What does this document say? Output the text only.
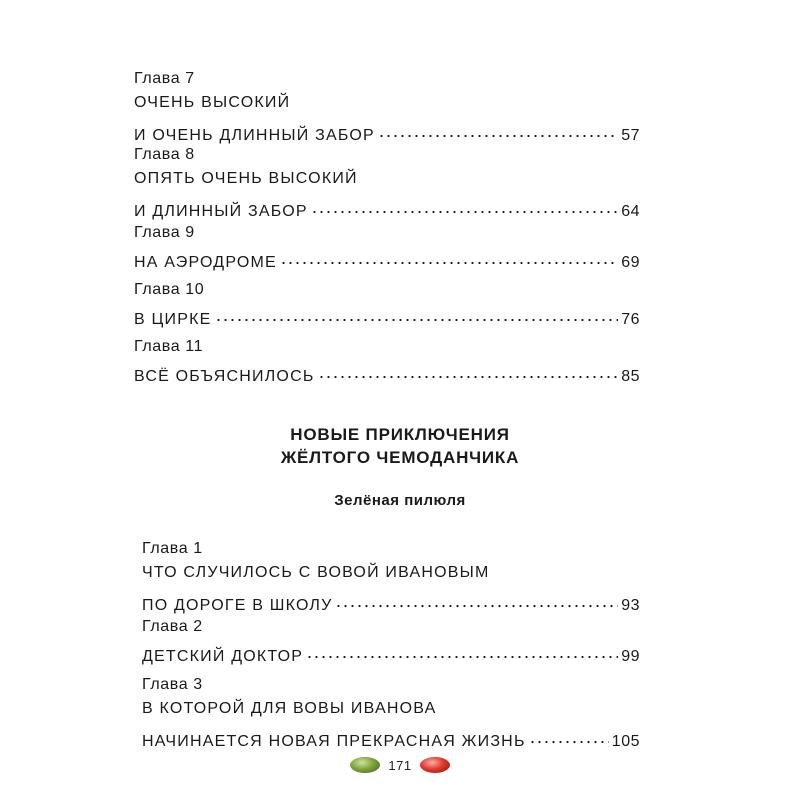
Глава 7
ОЧЕНЬ ВЫСОКИЙ
И ОЧЕНЬ ДЛИННЫЙ ЗАБОР	57
Глава 8
ОПЯТЬ ОЧЕНЬ ВЫСОКИЙ
И ДЛИННЫЙ ЗАБОР	64
Глава 9
НА АЭРОДРОМЕ	69
Глава 10
В ЦИРКЕ	76
Глава 11
ВСЁ ОБЪЯСНИЛОСЬ	85
НОВЫЕ ПРИКЛЮЧЕНИЯ
ЖЁЛТОГО ЧЕМОДАНЧИКА
Зелёная пилюля
Глава 1
ЧТО СЛУЧИЛОСЬ С ВОВОЙ ИВАНОВЫМ
ПО ДОРОГЕ В ШКОЛУ	93
Глава 2
ДЕТСКИЙ ДОКТОР	99
Глава 3
В КОТОРОЙ ДЛЯ ВОВЫ ИВАНОВА
НАЧИНАЕТСЯ НОВАЯ ПРЕКРАСНАЯ ЖИЗНЬ	105
171
